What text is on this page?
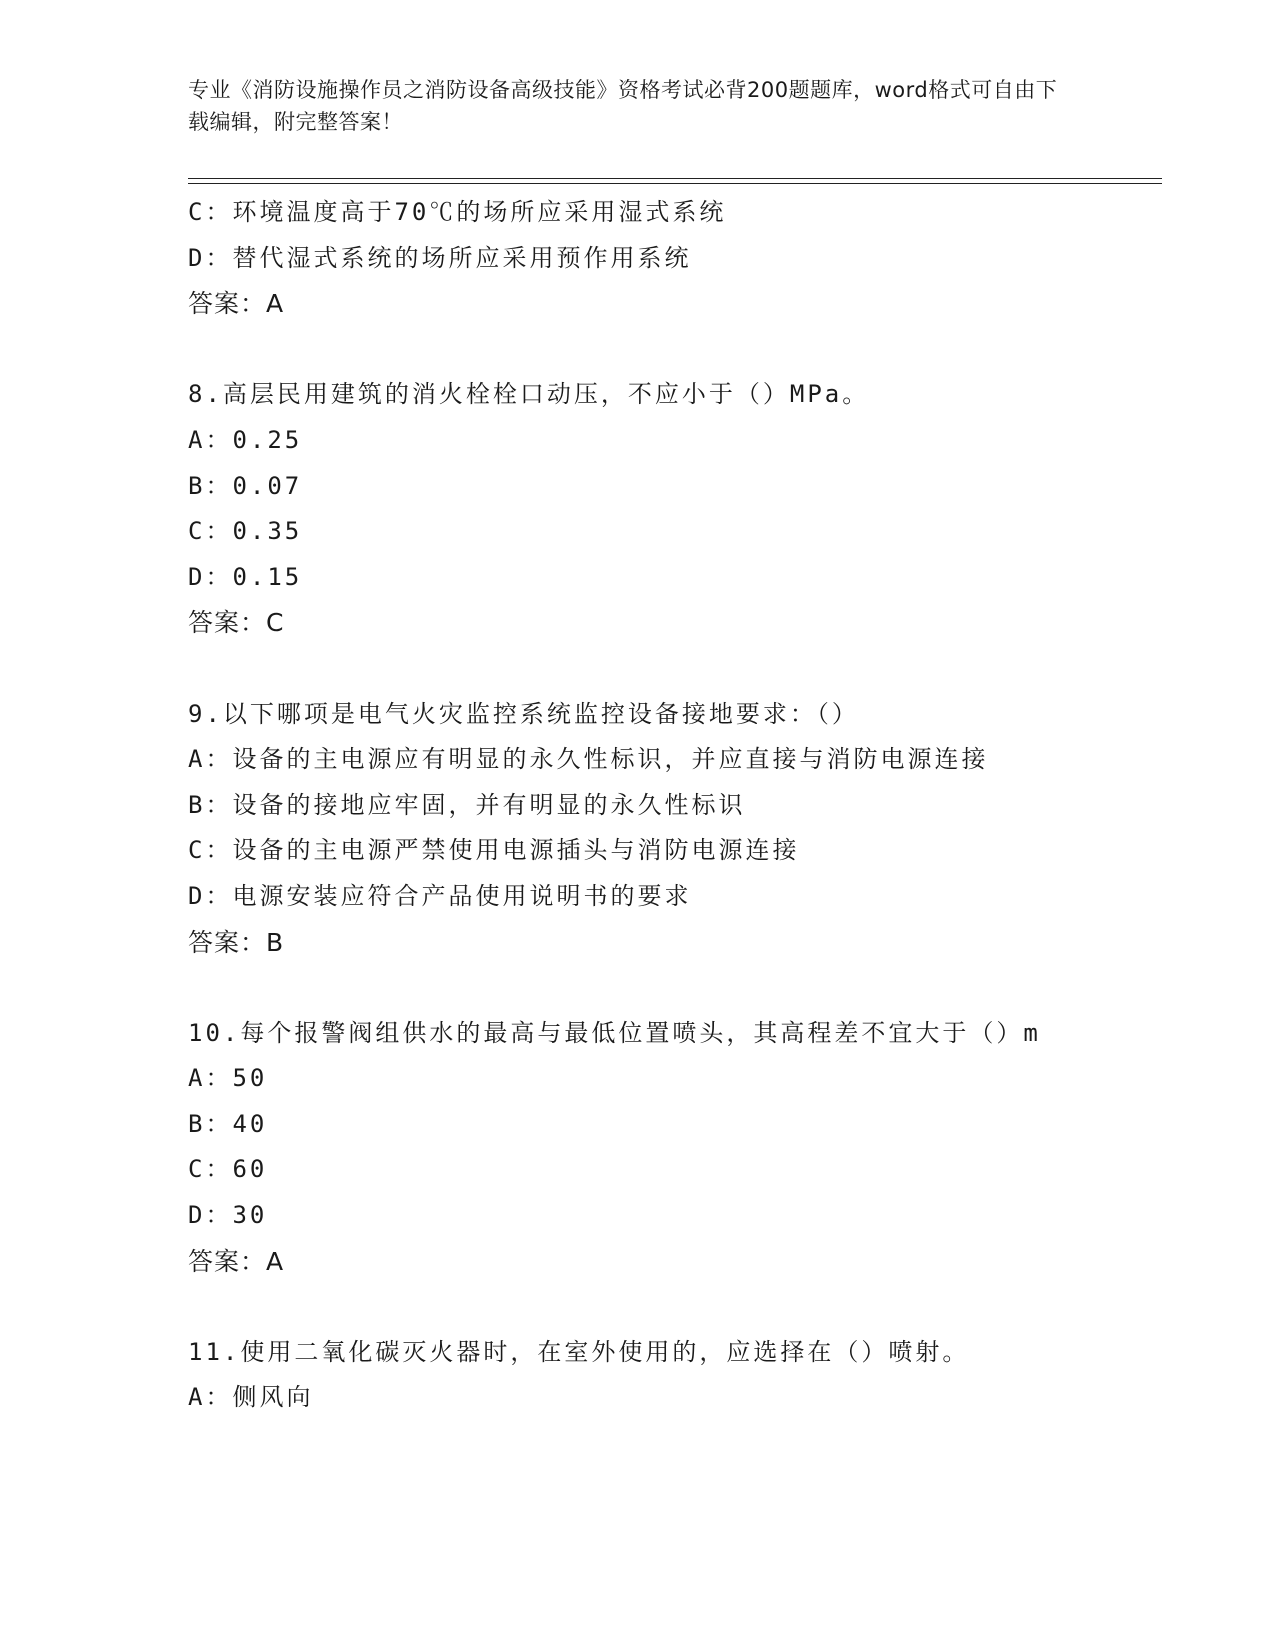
专业《消防设施操作员之消防设备高级技能》资格考试必背200题题库，word格式可自由下载编辑，附完整答案！
C：环境温度高于70℃的场所应采用湿式系统
D：替代湿式系统的场所应采用预作用系统
答案：A
8.高层民用建筑的消火栓栓口动压，不应小于（）MPa。
A：0.25
B：0.07
C：0.35
D：0.15
答案：C
9.以下哪项是电气火灾监控系统监控设备接地要求：（）
A：设备的主电源应有明显的永久性标识，并应直接与消防电源连接
B：设备的接地应牢固，并有明显的永久性标识
C：设备的主电源严禁使用电源插头与消防电源连接
D：电源安装应符合产品使用说明书的要求
答案：B
10.每个报警阀组供水的最高与最低位置喷头，其高程差不宜大于（）m
A：50
B：40
C：60
D：30
答案：A
11.使用二氧化碳灭火器时，在室外使用的，应选择在（）喷射。
A：侧风向
